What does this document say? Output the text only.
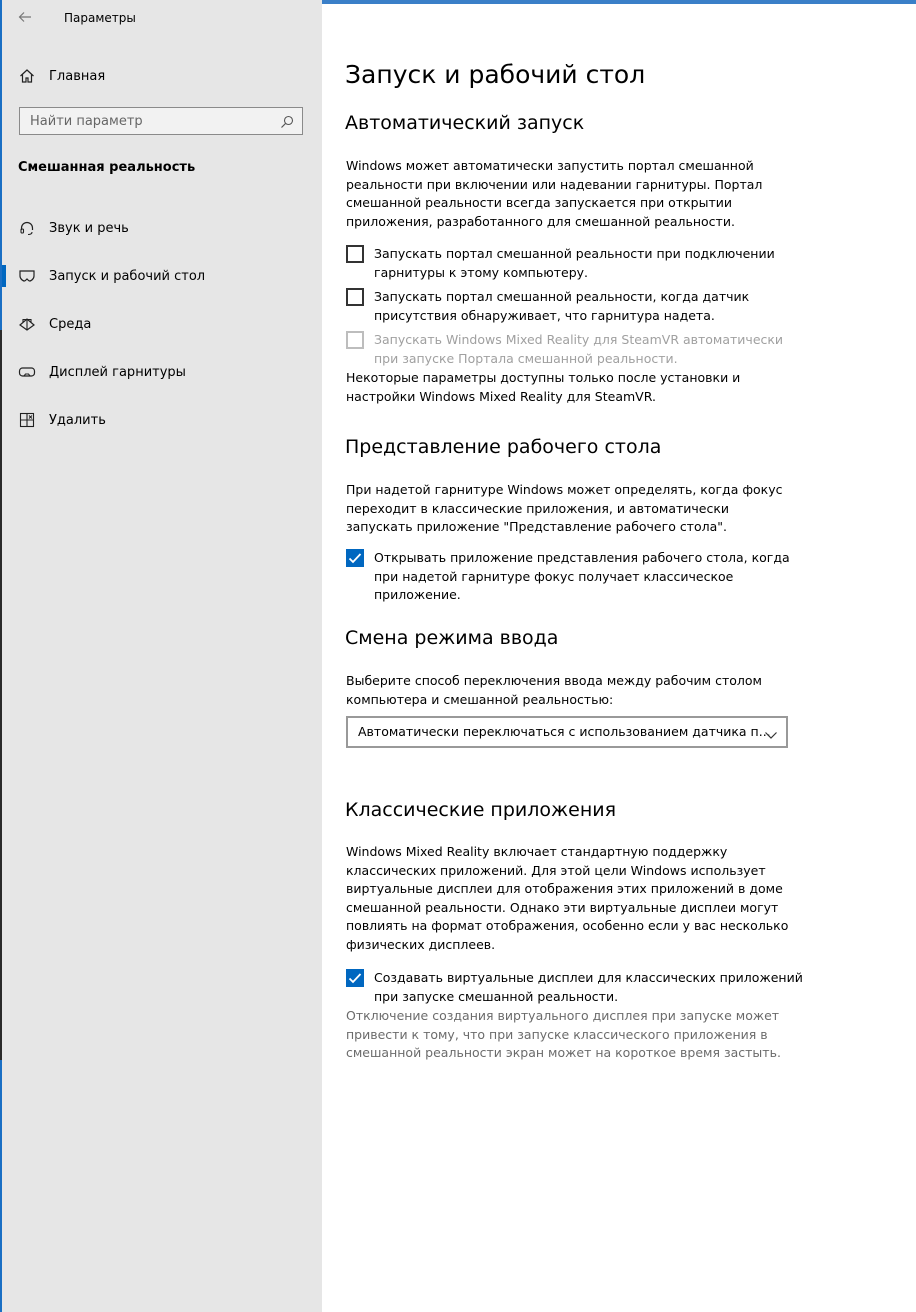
Параметры
Главная
Найти параметр
Смешанная реальность
Звук и речь
Запуск и рабочий стол
Среда
Дисплей гарнитуры
Удалить
Запуск и рабочий стол
Автоматический запуск
Windows может автоматически запустить портал смешанной реальности при включении или надевании гарнитуры. Портал смешанной реальности всегда запускается при открытии приложения, разработанного для смешанной реальности.
Запускать портал смешанной реальности при подключении гарнитуры к этому компьютеру.
Запускать портал смешанной реальности, когда датчик присутствия обнаруживает, что гарнитура надета.
Запускать Windows Mixed Reality для SteamVR автоматически при запуске Портала смешанной реальности.
Некоторые параметры доступны только после установки и настройки Windows Mixed Reality для SteamVR.
Представление рабочего стола
При надетой гарнитуре Windows может определять, когда фокус переходит в классические приложения, и автоматически запускать приложение "Представление рабочего стола".
Открывать приложение представления рабочего стола, когда при надетой гарнитуре фокус получает классическое приложение.
Смена режима ввода
Выберите способ переключения ввода между рабочим столом компьютера и смешанной реальностью:
Автоматически переключаться с использованием датчика п...
Классические приложения
Windows Mixed Reality включает стандартную поддержку классических приложений. Для этой цели Windows использует виртуальные дисплеи для отображения этих приложений в доме смешанной реальности. Однако эти виртуальные дисплеи могут повлиять на формат отображения, особенно если у вас несколько физических дисплеев.
Создавать виртуальные дисплеи для классических приложений при запуске смешанной реальности.
Отключение создания виртуального дисплея при запуске может привести к тому, что при запуске классического приложения в смешанной реальности экран может на короткое время застыть.
